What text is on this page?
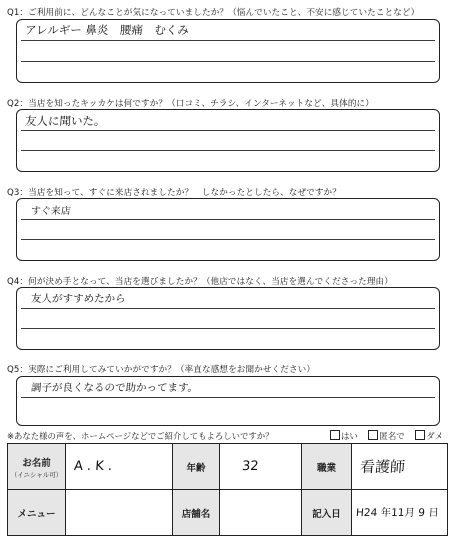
Q1：ご利用前に、どんなことが気になっていましたか？（悩んでいたこと、不安に感じていたことなど）
アレルギー 鼻炎　腰痛　むくみ
Q2：当店を知ったキッカケは何ですか？（口コミ、チラシ、インターネットなど、具体的に）
友人に聞いた。
Q3：当店を知って、すぐに来店されましたか？　しなかったとしたら、なぜですか？
すぐ来店
Q4：何が決め手となって、当店を選びましたか？（他店ではなく、当店を選んでくださった理由）
友人がすすめたから
Q5：実際にご利用してみていかがですか？（率直な感想をお聞かせください）
調子が良くなるので助かってます。
※あなた様の声を、ホームページなどでご紹介してもよろしいですか？	はい	匿名で	ダメ
お名前
（イニシャル可）	A . K .	年齢	32	職業	看護師

メニュー		店舗名		記入日	H24 年11月 9 日
